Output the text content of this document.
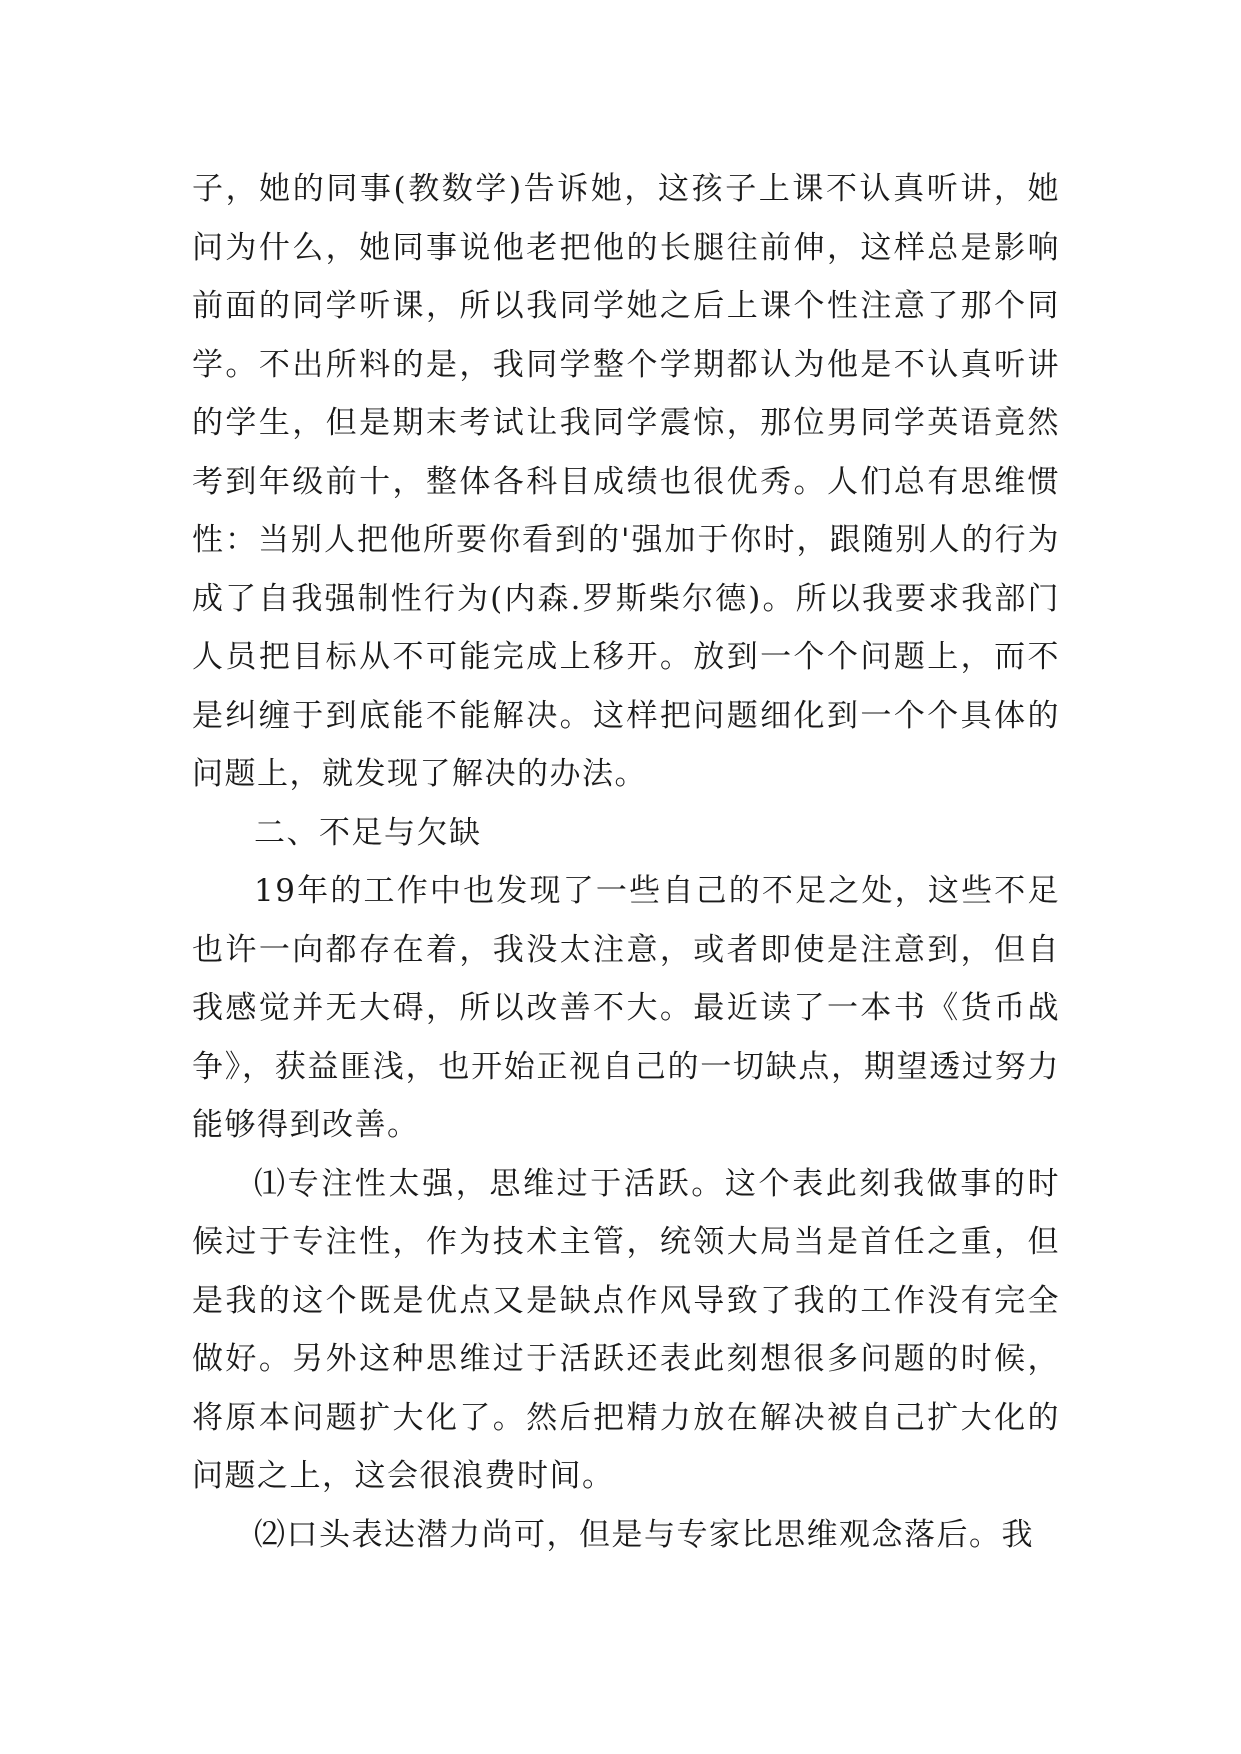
子，她的同事(教数学)告诉她，这孩子上课不认真听讲，她问为什么，她同事说他老把他的长腿往前伸，这样总是影响前面的同学听课，所以我同学她之后上课个性注意了那个同学。不出所料的是，我同学整个学期都认为他是不认真听讲的学生，但是期末考试让我同学震惊，那位男同学英语竟然考到年级前十，整体各科目成绩也很优秀。人们总有思维惯性：当别人把他所要你看到的'强加于你时，跟随别人的行为成了自我强制性行为(内森.罗斯柴尔德)。所以我要求我部门人员把目标从不可能完成上移开。放到一个个问题上，而不是纠缠于到底能不能解决。这样把问题细化到一个个具体的问题上，就发现了解决的办法。

二、不足与欠缺

19年的工作中也发现了一些自己的不足之处，这些不足也许一向都存在着，我没太注意，或者即使是注意到，但自我感觉并无大碍，所以改善不大。最近读了一本书《货币战争》，获益匪浅，也开始正视自己的一切缺点，期望透过努力能够得到改善。

⑴专注性太强，思维过于活跃。这个表此刻我做事的时候过于专注性，作为技术主管，统领大局当是首任之重，但是我的这个既是优点又是缺点作风导致了我的工作没有完全做好。另外这种思维过于活跃还表此刻想很多问题的时候，将原本问题扩大化了。然后把精力放在解决被自己扩大化的问题之上，这会很浪费时间。

⑵口头表达潜力尚可，但是与专家比思维观念落后。我
